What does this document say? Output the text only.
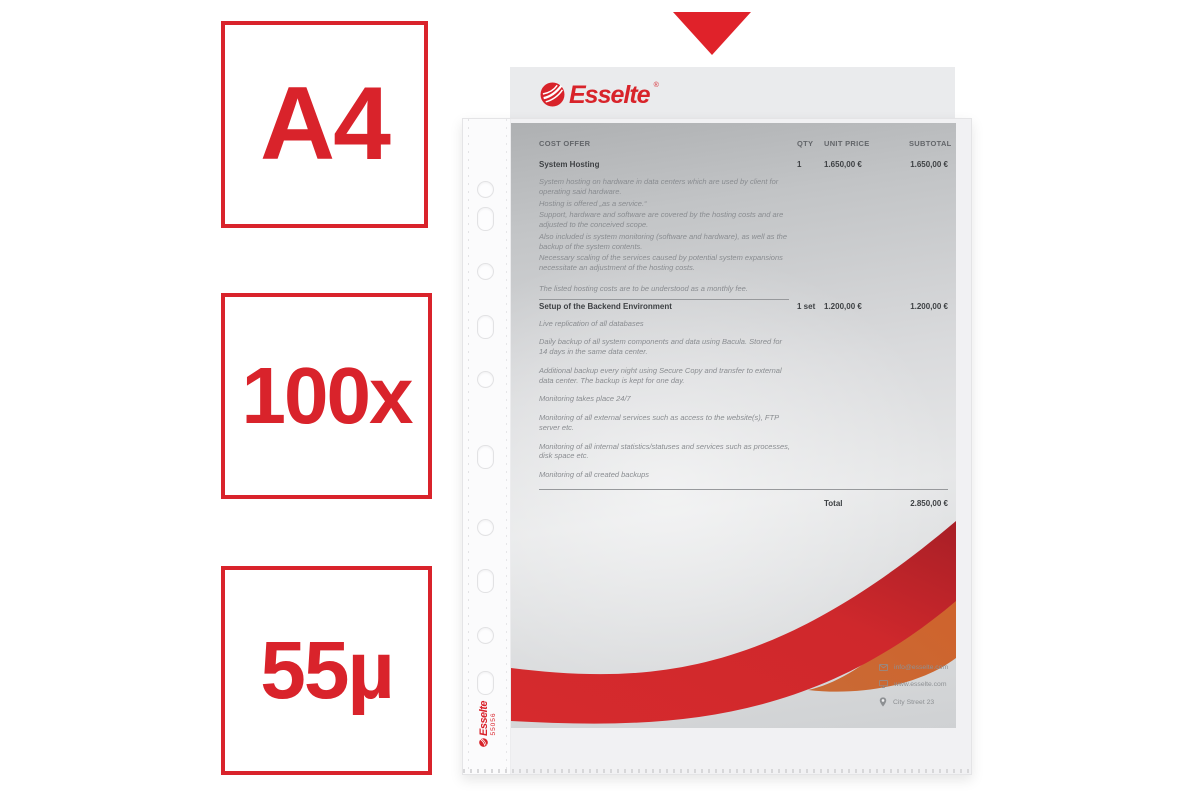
A4
100x
55µ
Esselte ®
COST OFFER	QTY	UNIT PRICE	SUBTOTAL
System Hosting	1	1.650,00 €	1.650,00 €

System hosting on hardware in data centers which are used by client for operating said hardware.

Hosting is offered „as a service.“

Support, hardware and software are covered by the hosting costs and are adjusted to the conceived scope.

Also included is system monitoring (software and hardware), as well as the backup of the system contents.

Necessary scaling of the services caused by potential system expansions necessitate an adjustment of the hosting costs.

The listed hosting costs are to be understood as a monthly fee.

Setup of the Backend Environment	1 set	1.200,00 €	1.200,00 €

Live replication of all databases

Daily backup of all system components and data using Bacula. Stored for 14 days in the same data center.

Additional backup every night using Secure Copy and transfer to external data center. The backup is kept for one day.

Monitoring takes place 24/7

Monitoring of all external services such as access to the website(s), FTP server etc.

Monitoring of all internal statistics/statuses and services such as processes, disk space etc.

Monitoring of all created backups

Total	2.850,00 €
info@esselte.com
www.esselte.com
City Street 23
Esselte 55056
